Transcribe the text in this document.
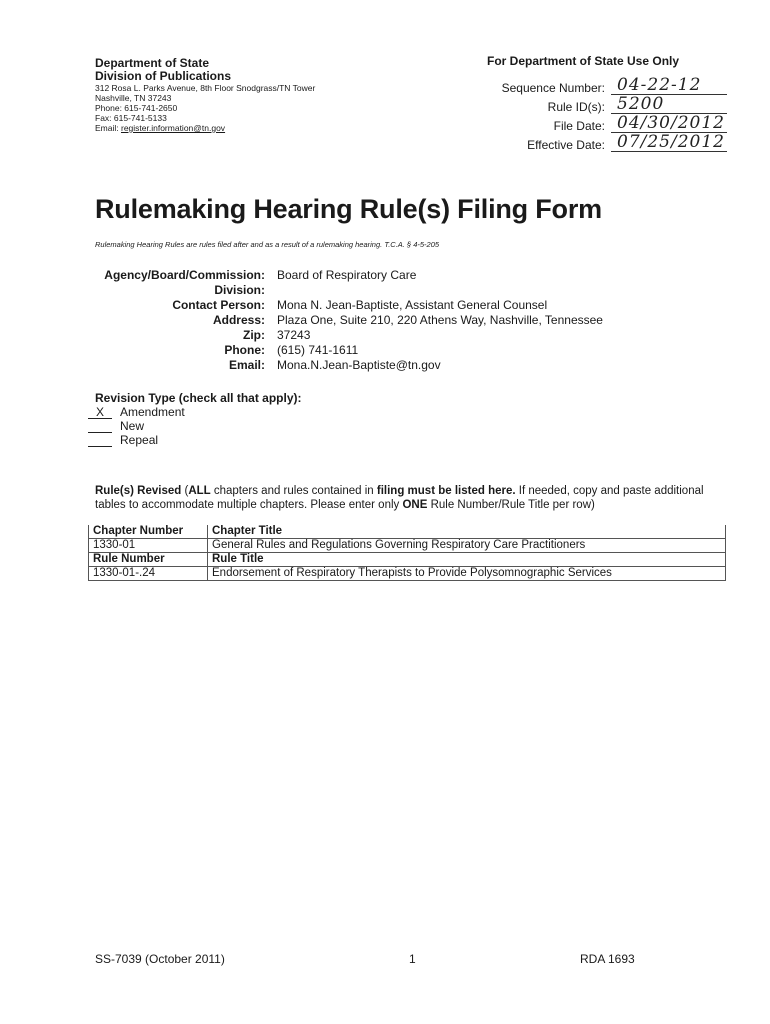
Department of State
Division of Publications
312 Rosa L. Parks Avenue, 8th Floor Snodgrass/TN Tower
Nashville, TN 37243
Phone: 615-741-2650
Fax: 615-741-5133
Email: register.information@tn.gov
For Department of State Use Only
Sequence Number: 04-22-12
Rule ID(s): 5200
File Date: 04/30/2012
Effective Date: 07/25/2012
Rulemaking Hearing Rule(s) Filing Form
Rulemaking Hearing Rules are rules filed after and as a result of a rulemaking hearing. T.C.A. § 4-5-205
Agency/Board/Commission:	Board of Respiratory Care
Division:
Contact Person:	Mona N. Jean-Baptiste, Assistant General Counsel
Address:	Plaza One, Suite 210, 220 Athens Way, Nashville, Tennessee
Zip:	37243
Phone:	(615) 741-1611
Email:	Mona.N.Jean-Baptiste@tn.gov
Revision Type (check all that apply):
X	Amendment
New
Repeal
Rule(s) Revised (ALL chapters and rules contained in filing must be listed here. If needed, copy and paste additional tables to accommodate multiple chapters. Please enter only ONE Rule Number/Rule Title per row)
Chapter Number	Chapter Title
1330-01	General Rules and Regulations Governing Respiratory Care Practitioners
Rule Number	Rule Title
1330-01-.24	Endorsement of Respiratory Therapists to Provide Polysomnographic Services
SS-7039 (October 2011)	1	RDA 1693
